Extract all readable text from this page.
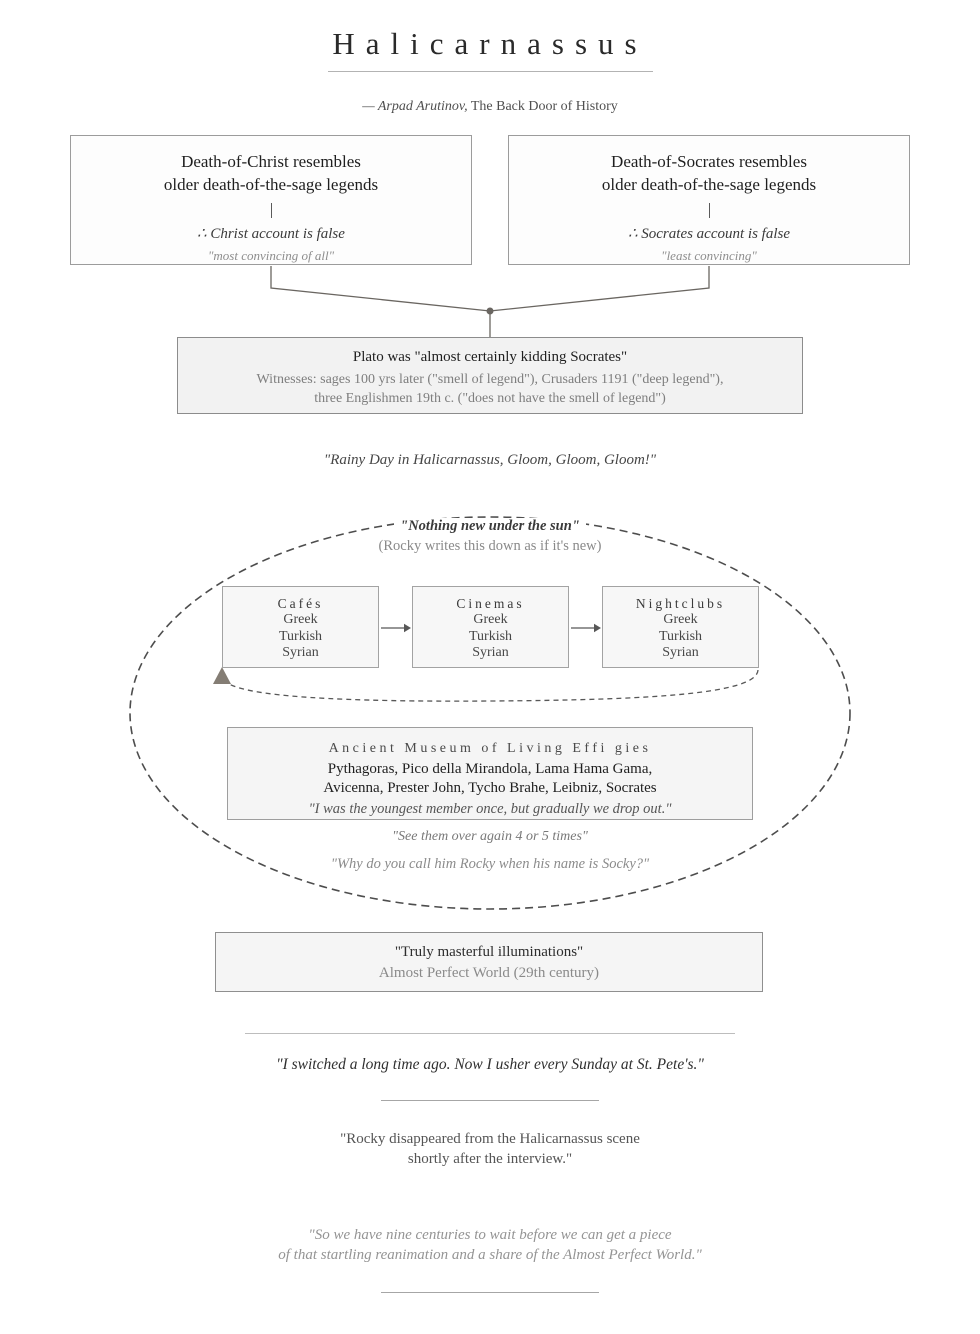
Halicarnassus
— Arpad Arutinov, The Back Door of History
Death-of-Christ resembles
older death-of-the-sage legends
∴ Christ account is false
"most convincing of all"
Death-of-Socrates resembles
older death-of-the-sage legends
∴ Socrates account is false
"least convincing"
Plato was "almost certainly kidding Socrates"
Witnesses: sages 100 yrs later ("smell of legend"), Crusaders 1191 ("deep legend"),
three Englishmen 19th c. ("does not have the smell of legend")
"Rainy Day in Halicarnassus, Gloom, Gloom, Gloom!"
"Nothing new under the sun"
(Rocky writes this down as if it's new)
Cafés
Greek
Turkish
Syrian
Cinemas
Greek
Turkish
Syrian
Nightclubs
Greek
Turkish
Syrian
Ancient Museum of Living Effi gies
Pythagoras, Pico della Mirandola, Lama Hama Gama,
Avicenna, Prester John, Tycho Brahe, Leibniz, Socrates
"I was the youngest member once, but gradually we drop out."
"See them over again 4 or 5 times"
"Why do you call him Rocky when his name is Socky?"
"Truly masterful illuminations"
Almost Perfect World (29th century)
"I switched a long time ago. Now I usher every Sunday at St. Pete's."
"Rocky disappeared from the Halicarnassus scene
shortly after the interview."
"So we have nine centuries to wait before we can get a piece
of that startling reanimation and a share of the Almost Perfect World."
